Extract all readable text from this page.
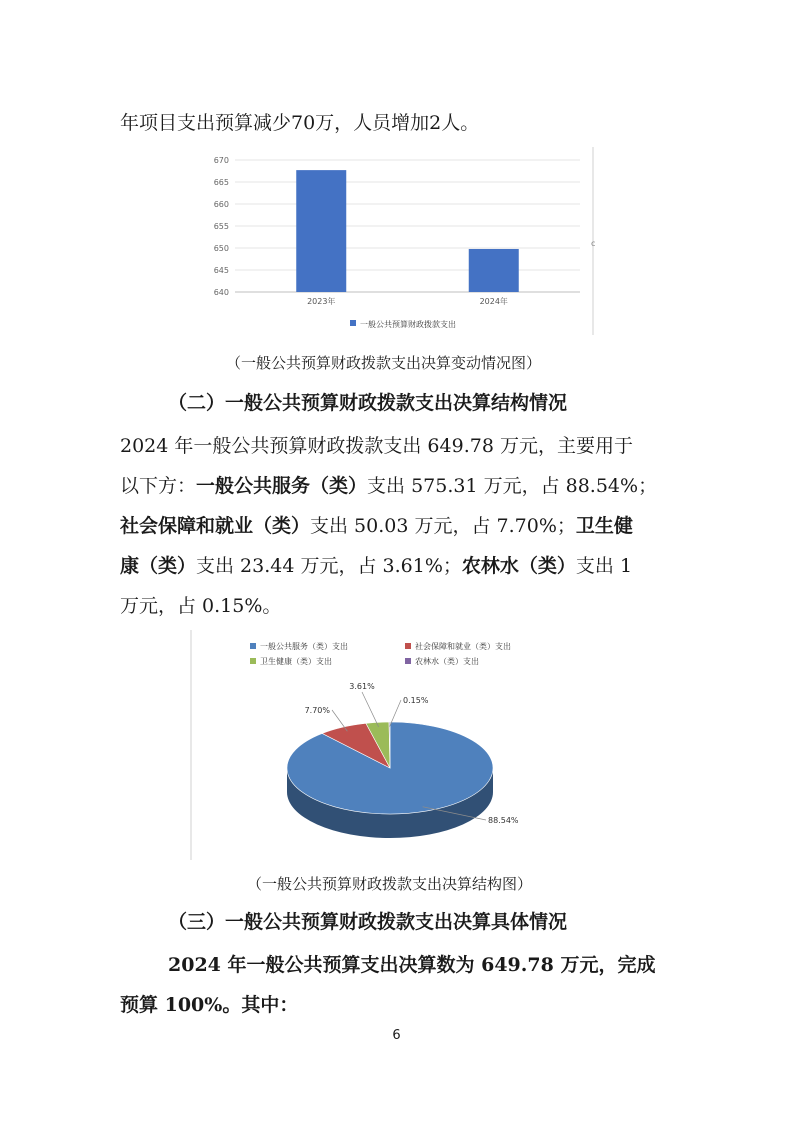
年项目支出预算减少70万，人员增加2人。
c
640
645
650
655
660
665
670
2023年	2024年
一般公共预算财政拨款支出
（一般公共预算财政拨款支出决算变动情况图）
（二）一般公共预算财政拨款支出决算结构情况
2024 年一般公共预算财政拨款支出 649.78 万元，主要用于
以下方：一般公共服务（类）支出 575.31 万元，占 88.54%；
社会保障和就业（类）支出 50.03 万元，占 7.70%；卫生健
康（类）支出 23.44 万元，占 3.61%；农林水（类）支出 1
万元，占 0.15%。
一般公共服务（类）支出	社会保障和就业（类）支出
卫生健康（类）支出	农林水（类）支出
88.54%
7.70%
3.61%
0.15%
（一般公共预算财政拨款支出决算结构图）
（三）一般公共预算财政拨款支出决算具体情况
2024 年一般公共预算支出决算数为 649.78 万元，完成
预算 100%。其中：
6
